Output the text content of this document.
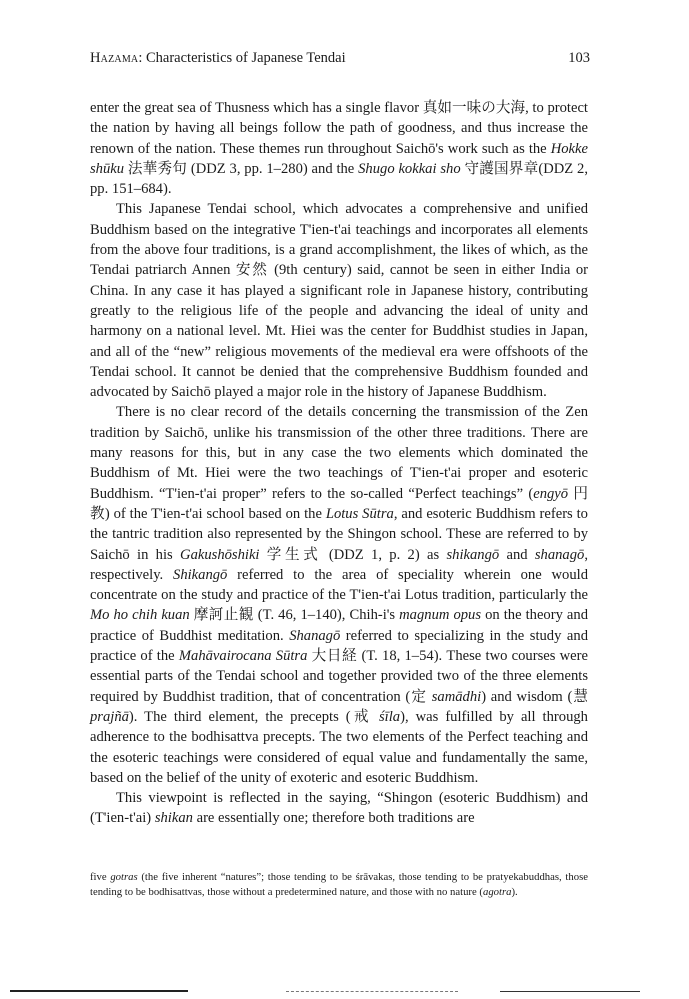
Hazama: Characteristics of Japanese Tendai	103

enter the great sea of Thusness which has a single flavor 真如一味の大海, to protect the nation by having all beings follow the path of goodness, and thus increase the renown of the nation. These themes run throughout Saichō's work such as the Hokke shūku 法華秀句 (DDZ 3, pp. 1–280) and the Shugo kokkai sho 守護国界章(DDZ 2, pp. 151–684).

This Japanese Tendai school, which advocates a comprehensive and unified Buddhism based on the integrative T'ien-t'ai teachings and incorporates all elements from the above four traditions, is a grand accomplishment, the likes of which, as the Tendai patriarch Annen 安然 (9th century) said, cannot be seen in either India or China. In any case it has played a significant role in Japanese history, contributing greatly to the religious life of the people and advancing the ideal of unity and harmony on a national level. Mt. Hiei was the center for Buddhist studies in Japan, and all of the “new” religious movements of the medieval era were offshoots of the Tendai school. It cannot be denied that the comprehensive Buddhism founded and advocated by Saichō played a major role in the history of Japanese Buddhism.

There is no clear record of the details concerning the transmission of the Zen tradition by Saichō, unlike his transmission of the other three traditions. There are many reasons for this, but in any case the two elements which dominated the Buddhism of Mt. Hiei were the two teachings of T'ien-t'ai proper and esoteric Buddhism. “T'ien-t'ai proper” refers to the so-called “Perfect teachings” (engyō 円教) of the T'ien-t'ai school based on the Lotus Sūtra, and esoteric Buddhism refers to the tantric tradition also represented by the Shingon school. These are referred to by Saichō in his Gakushōshiki 学生式 (DDZ 1, p. 2) as shikangō and shanagō, respectively. Shikangō referred to the area of speciality wherein one would concentrate on the study and practice of the T'ien-t'ai Lotus tradition, particularly the Mo ho chih kuan 摩訶止観 (T. 46, 1–140), Chih-i's magnum opus on the theory and practice of Buddhist meditation. Shanagō referred to specializing in the study and practice of the Mahāvairocana Sūtra 大日経 (T. 18, 1–54). These two courses were essential parts of the Tendai school and together provided two of the three elements required by Buddhist tradition, that of concentration (定 samādhi) and wisdom (慧 prajñā). The third element, the precepts (戒 śīla), was fulfilled by all through adherence to the bodhisattva precepts. The two elements of the Perfect teaching and the esoteric teachings were considered of equal value and fundamentally the same, based on the belief of the unity of exoteric and esoteric Buddhism.

This viewpoint is reflected in the saying, “Shingon (esoteric Buddhism) and (T'ien-t'ai) shikan are essentially one; therefore both traditions are

five gotras (the five inherent “natures”; those tending to be śrāvakas, those tending to be pratyekabuddhas, those tending to be bodhisattvas, those without a predetermined nature, and those with no nature (agotra).
